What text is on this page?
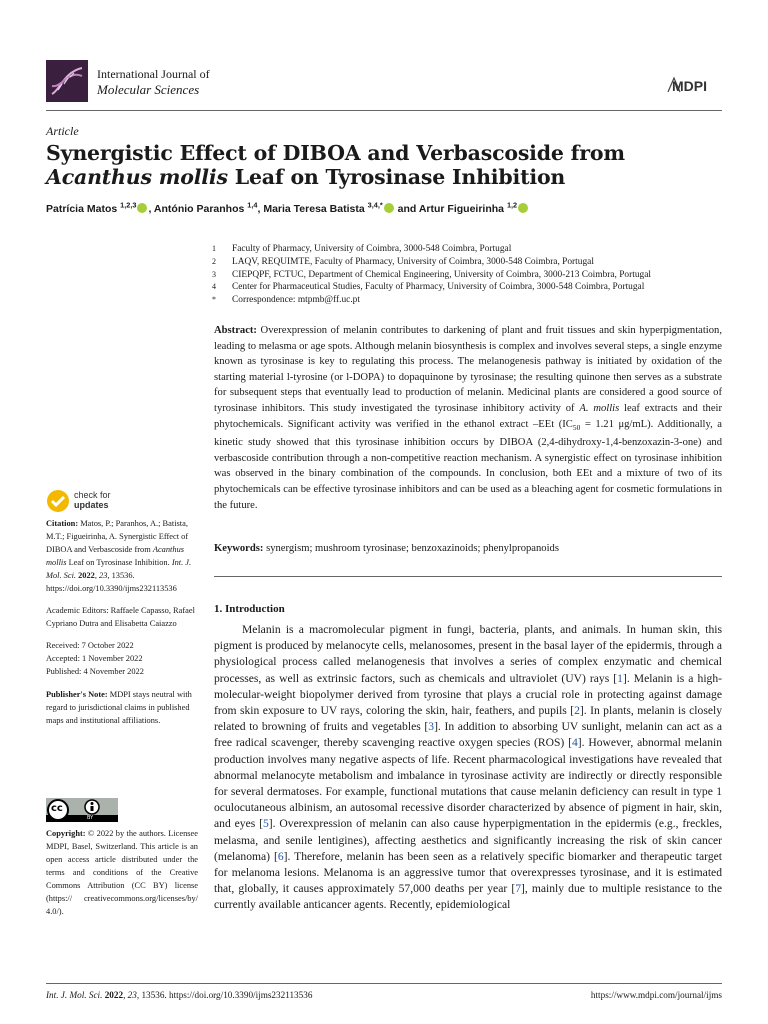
International Journal of
Molecular Sciences	MDPI
Article
Synergistic Effect of DIBOA and Verbascoside from Acanthus mollis Leaf on Tyrosinase Inhibition
Patrícia Matos $^{1,2,3}$ , António Paranhos $^{1,4}$, Maria Teresa Batista $^{3,4,*}$ and Artur Figueirinha $^{1,2}$
1	Faculty of Pharmacy, University of Coimbra, 3000-548 Coimbra, Portugal
2	LAQV, REQUIMTE, Faculty of Pharmacy, University of Coimbra, 3000-548 Coimbra, Portugal
3	CIEPQPF, FCTUC, Department of Chemical Engineering, University of Coimbra, 3000-213 Coimbra, Portugal
4	Center for Pharmaceutical Studies, Faculty of Pharmacy, University of Coimbra, 3000-548 Coimbra, Portugal
*	Correspondence: mtpmb@ff.uc.pt
Abstract: Overexpression of melanin contributes to darkening of plant and fruit tissues and skin hyperpigmentation, leading to melasma or age spots. Although melanin biosynthesis is complex and involves several steps, a single enzyme known as tyrosinase is key to regulating this process. The melanogenesis pathway is initiated by oxidation of the starting material l-tyrosine (or l-DOPA) to dopaquinone by tyrosinase; the resulting quinone then serves as a substrate for subsequent steps that eventually lead to production of melanin. Medicinal plants are considered a good source of tyrosinase inhibitors. This study investigated the tyrosinase inhibitory activity of A. mollis leaf extracts and their phytochemicals. Significant activity was verified in the ethanol extract –EEt ($IC_{50} = 1.21$ μg/mL). Additionally, a kinetic study showed that this tyrosinase inhibition occurs by DIBOA (2,4-dihydroxy-1,4-benzoxazin-3-one) and verbascoside contribution through a non-competitive reaction mechanism. A synergistic effect on tyrosinase inhibition was observed in the binary combination of the compounds. In conclusion, both EEt and a mixture of two of its phytochemicals can be effective tyrosinase inhibitors and can be used as a bleaching agent for cosmetic formulations in the future.
Keywords: synergism; mushroom tyrosinase; benzoxazinoids; phenylpropanoids
1. Introduction
Melanin is a macromolecular pigment in fungi, bacteria, plants, and animals. In human skin, this pigment is produced by melanocyte cells, melanosomes, present in the basal layer of the epidermis, through a physiological process called melanogenesis that involves a series of complex enzymatic and chemical processes, as well as extrinsic factors, such as chemicals and ultraviolet (UV) rays [1]. Melanin is a high-molecular-weight biopolymer derived from tyrosine that plays a crucial role in protecting against damage from skin exposure to UV rays, coloring the skin, hair, feathers, and pupils [2]. In plants, melanin is closely related to browning of fruits and vegetables [3]. In addition to absorbing UV sunlight, melanin can act as a free radical scavenger, thereby scavenging reactive oxygen species (ROS) [4]. However, abnormal melanin production involves many negative aspects of life. Recent pharmacological investigations have revealed that abnormal melanocyte metabolism and imbalance in tyrosinase activity are indirectly or directly responsible for several dermatoses. For example, functional mutations that cause melanin deficiency can result in type 1 oculocutaneous albinism, an autosomal recessive disorder characterized by absence of pigment in hair, skin, and eyes [5]. Overexpression of melanin can also cause hyperpigmentation in the epidermis (e.g., freckles, melasma, and senile lentigines), affecting aesthetics and significantly increasing the risk of skin cancer (melanoma) [6]. Therefore, melanin has been seen as a relatively specific biomarker and therapeutic target for melanoma lesions. Melanoma is an aggressive tumor that overexpresses tyrosinase, and it is estimated that, globally, it causes approximately 57,000 deaths per year [7], mainly due to multiple resistance to the currently available anticancer agents. Recently, epidemiological
check for
updates

Citation: Matos, P.; Paranhos, A.; Batista, M.T.; Figueirinha, A. Synergistic Effect of DIBOA and Verbascoside from Acanthus mollis Leaf on Tyrosinase Inhibition. Int. J. Mol. Sci. 2022, 23, 13536. https://doi.org/10.3390/ijms232113536

Academic Editors: Raffaele Capasso, Rafael Cypriano Dutra and Elisabetta Caiazzo

Received: 7 October 2022
Accepted: 1 November 2022
Published: 4 November 2022

Publisher's Note: MDPI stays neutral with regard to jurisdictional claims in published maps and institutional affiliations.

cc
BY
Copyright: © 2022 by the authors. Licensee MDPI, Basel, Switzerland. This article is an open access article distributed under the terms and conditions of the Creative Commons Attribution (CC BY) license (https:// creativecommons.org/licenses/by/ 4.0/).
Int. J. Mol. Sci. 2022, 23, 13536. https://doi.org/10.3390/ijms232113536	https://www.mdpi.com/journal/ijms
